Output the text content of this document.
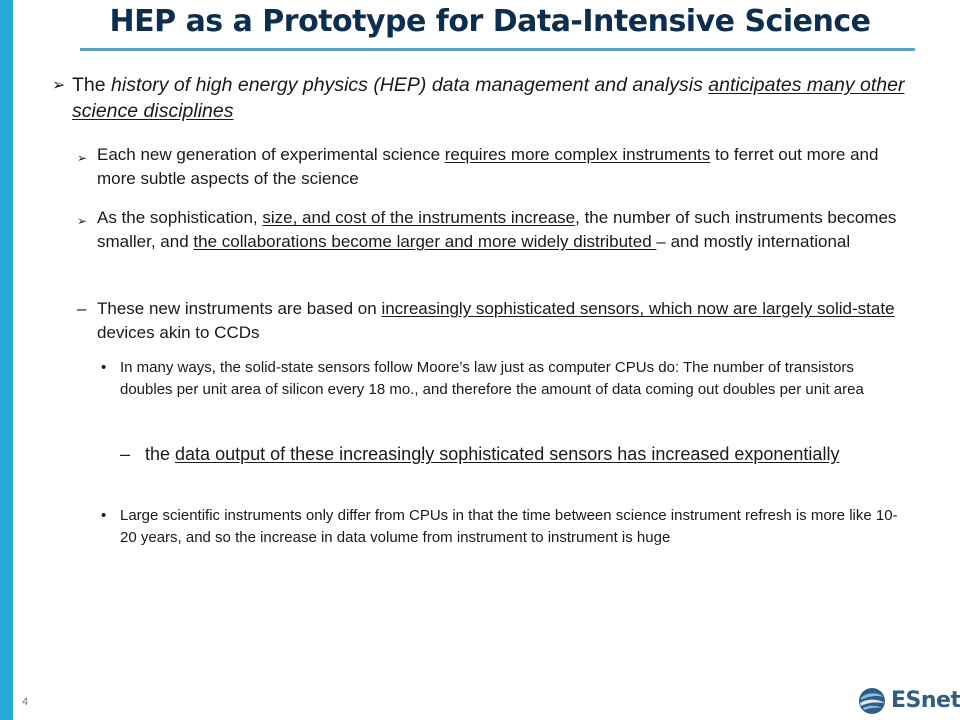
HEP as a Prototype for Data-Intensive Science
➢ The history of high energy physics (HEP) data management and analysis anticipates many other science disciplines
➢ Each new generation of experimental science requires more complex instruments to ferret out more and more subtle aspects of the science
➢ As the sophistication, size, and cost of the instruments increase, the number of such instruments becomes smaller, and the collaborations become larger and more widely distributed – and mostly international
– These new instruments are based on increasingly sophisticated sensors, which now are largely solid-state devices akin to CCDs
• In many ways, the solid-state sensors follow Moore’s law just as computer CPUs do: The number of transistors doubles per unit area of silicon every 18 mo., and therefore the amount of data coming out doubles per unit area
– the data output of these increasingly sophisticated sensors has increased exponentially
• Large scientific instruments only differ from CPUs in that the time between science instrument refresh is more like 10-20 years, and so the increase in data volume from instrument to instrument is huge
4	ESnet
